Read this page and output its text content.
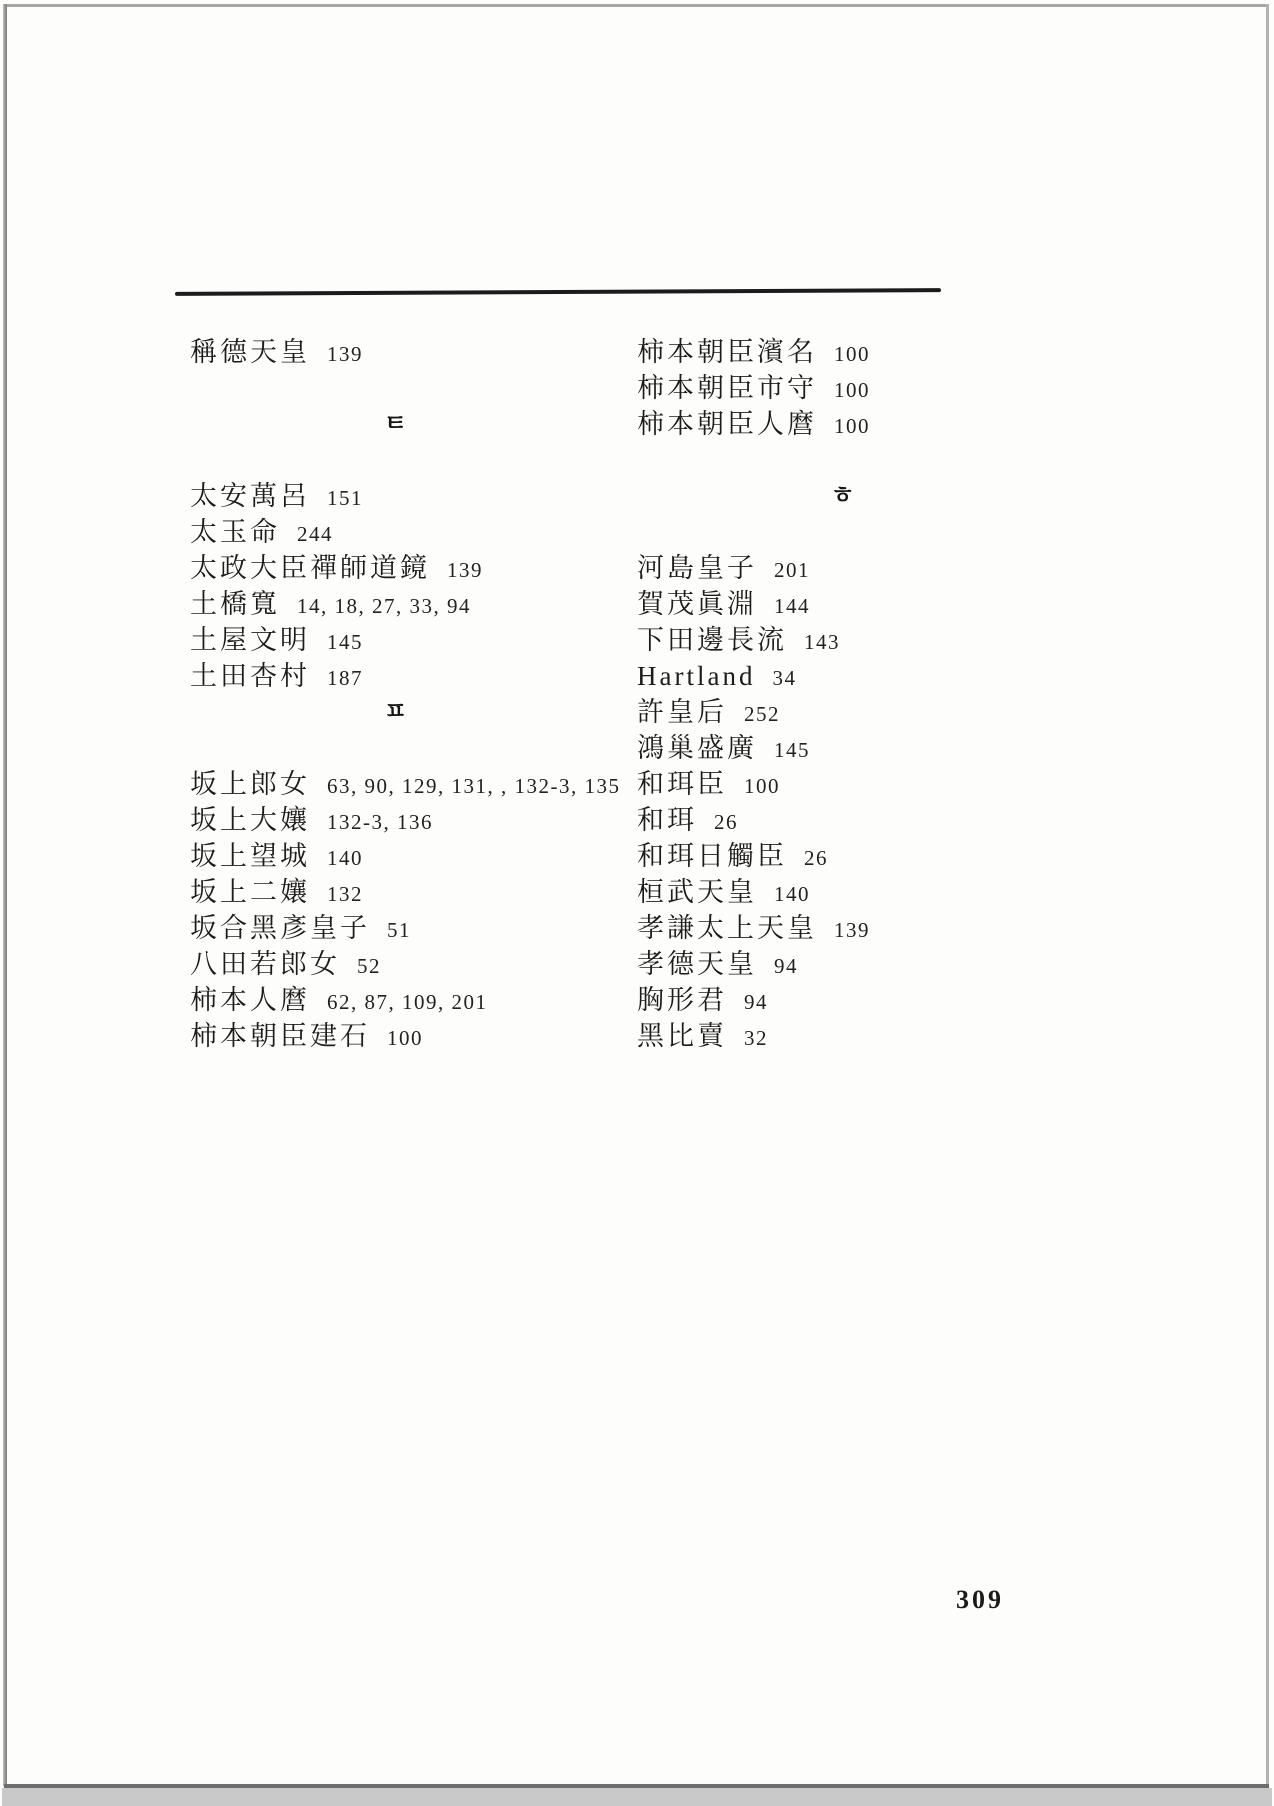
稱德天皇 139
ㅌ
太安萬呂 151
太玉命 244
太政大臣禪師道鏡 139
土橋寬 14, 18, 27, 33, 94
土屋文明 145
土田杏村 187
ㅍ
坂上郎女 63, 90, 129, 131, , 132-3, 135
坂上大孃 132-3, 136
坂上望城 140
坂上二孃 132
坂合黑彥皇子 51
八田若郎女 52
柿本人麿 62, 87, 109, 201
柿本朝臣建石 100
柿本朝臣濱名 100
柿本朝臣市守 100
柿本朝臣人麿 100
ㅎ
河島皇子 201
賀茂眞淵 144
下田邊長流 143
Hartland 34
許皇后 252
鴻巢盛廣 145
和珥臣 100
和珥 26
和珥日觸臣 26
桓武天皇 140
孝謙太上天皇 139
孝德天皇 94
胸形君 94
黑比賣 32
309
